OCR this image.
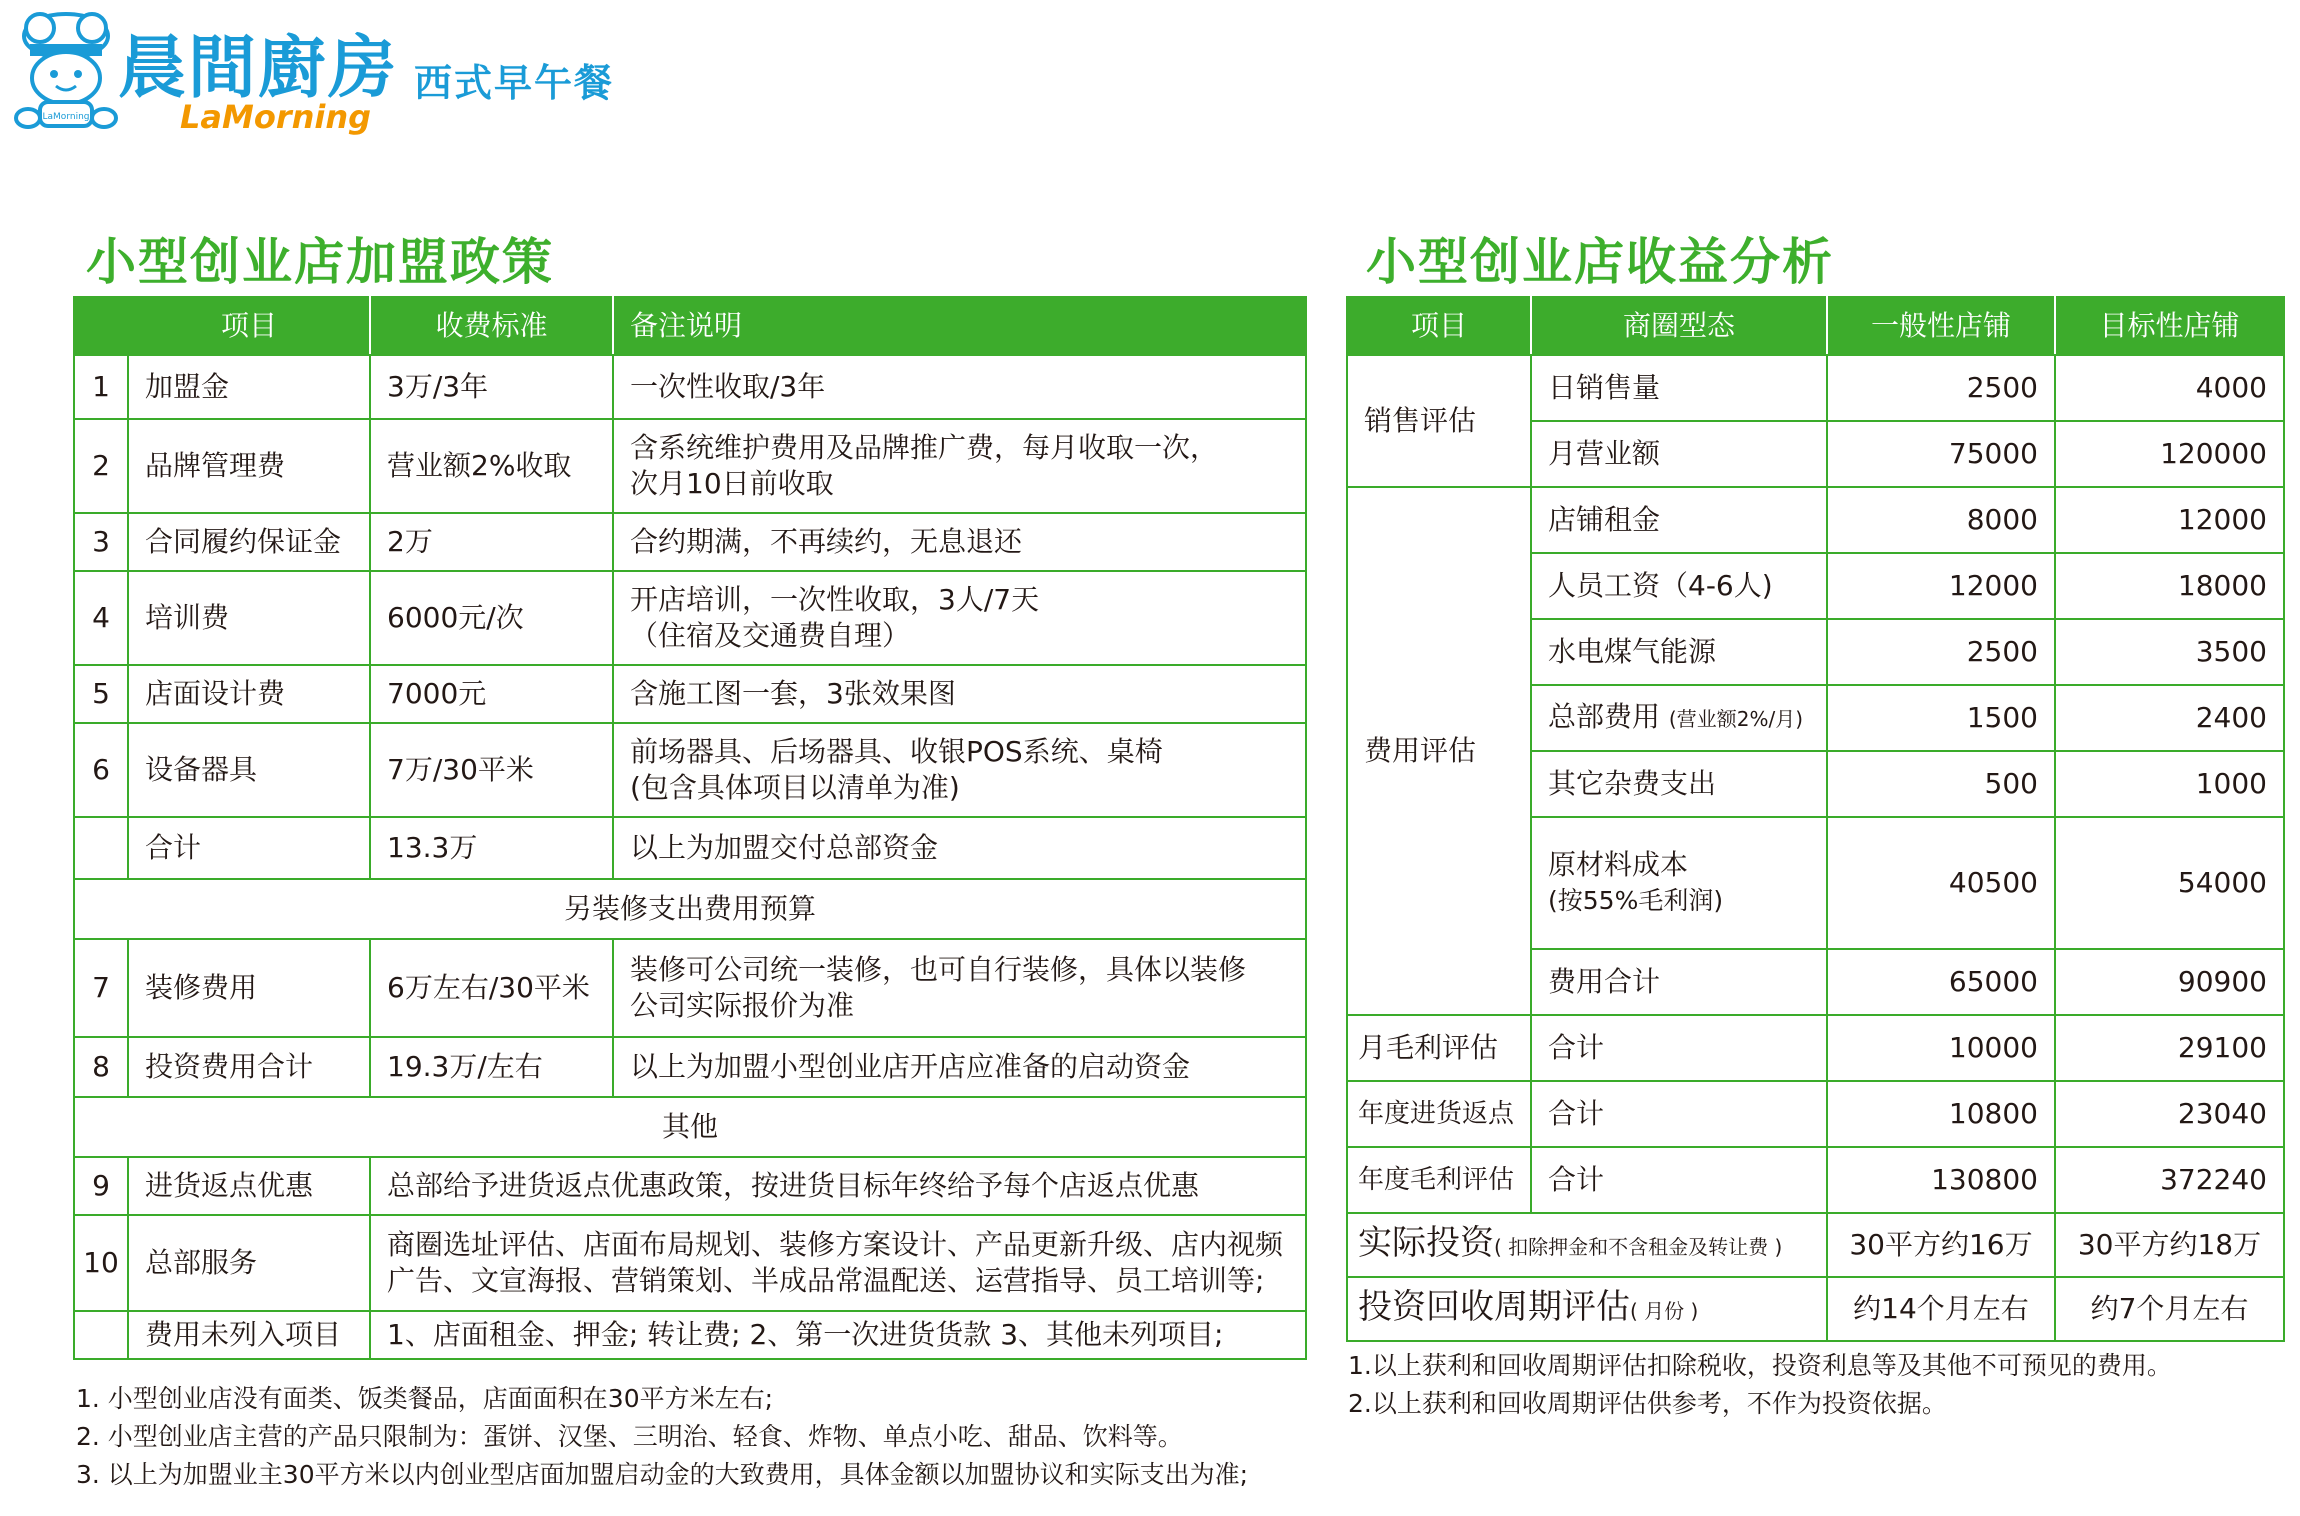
LaMorning
晨間廚房 西式早午餐
LaMorning
小型创业店加盟政策	小型创业店收益分析
	项目	收费标准	备注说明
1	加盟金	3万/3年	一次性收取/3年
2	品牌管理费	营业额2%收取	含系统维护费用及品牌推广费，每月收取一次，
次月10日前收取

3	合同履约保证金	2万	合约期满，不再续约，无息退还
4	培训费	6000元/次	开店培训，一次性收取，3人/7天
（住宿及交通费自理）

5	店面设计费	7000元	含施工图一套，3张效果图
6	设备器具	7万/30平米	前场器具、后场器具、收银POS系统、桌椅
(包含具体项目以清单为准)

	合计	13.3万	以上为加盟交付总部资金
另装修支出费用预算			
7	装修费用	6万左右/30平米	装修可公司统一装修，也可自行装修，具体以装修
公司实际报价为准

8	投资费用合计	19.3万/左右	以上为加盟小型创业店开店应准备的启动资金
其他			
9	进货返点优惠	总部给予进货返点优惠政策，按进货目标年终给予每个店返点优惠	
10	总部服务	商圈选址评估、店面布局规划、装修方案设计、产品更新升级、店内视频
广告、文宣海报、营销策划、半成品常温配送、运营指导、员工培训等;	

	费用未列入项目	1、店面租金、押金; 转让费; 2、第一次进货货款 3、其他未列项目;	
1. 小型创业店没有面类、饭类餐品，店面面积在30平方米左右;
2. 小型创业店主营的产品只限制为：蛋饼、汉堡、三明治、轻食、炸物、单点小吃、甜品、饮料等。
3. 以上为加盟业主30平方米以内创业型店面加盟启动金的大致费用，具体金额以加盟协议和实际支出为准;
项目	商圈型态	一般性店铺	目标性店铺
销售评估	日销售量	2500	4000
	月营业额	75000	120000
费用评估	店铺租金	8000	12000
	人员工资（4-6人)	12000	18000
	水电煤气能源	2500	3500
	总部费用 (营业额2%/月)	1500	2400
	其它杂费支出	500	1000

	原材料成本
(按55%毛利润)	40500	54000
	费用合计	65000	90900
月毛利评估	合计	10000	29100
年度进货返点	合计	10800	23040
年度毛利评估	合计	130800	372240
实际投资( 扣除押金和不含租金及转让费 )		30平方约16万	30平方约18万
投资回收周期评估( 月份 )		约14个月左右	约7个月左右
1.以上获利和回收周期评估扣除税收，投资利息等及其他不可预见的费用。
2.以上获利和回收周期评估供参考，不作为投资依据。
